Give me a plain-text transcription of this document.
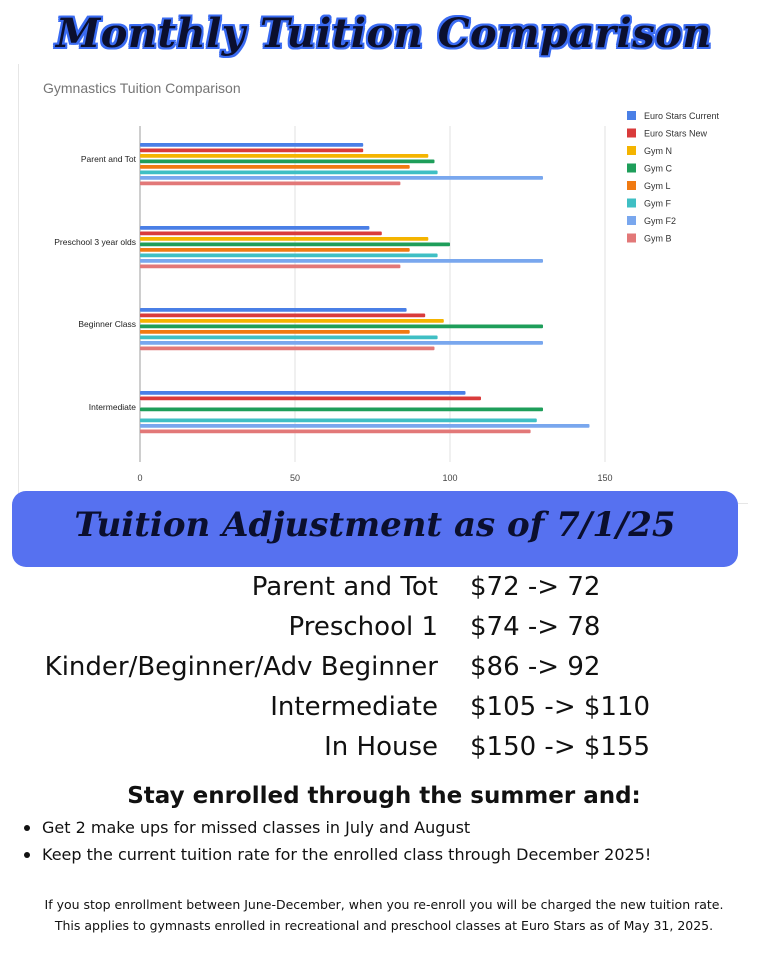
Monthly Tuition Comparison
0	50	100	150
Parent and Tot
Preschool 3 year olds
Beginner Class
Intermediate
Euro Stars Current
Euro Stars New
Gym N
Gym C
Gym L
Gym F
Gym F2
Gym B
Gymnastics Tuition Comparison
Tuition Adjustment as of 7/1/25
Parent and Tot $72 -> 72
Preschool 1 $74 -> 78
Kinder/Beginner/Adv Beginner $86 -> 92
Intermediate $105 -> $110
In House $150 -> $155
Stay enrolled through the summer and:
Get 2 make ups for missed classes in July and August
Keep the current tuition rate for the enrolled class through December 2025!
If you stop enrollment between June-December, when you re-enroll you will be charged the new tuition rate.
This applies to gymnasts enrolled in recreational and preschool classes at Euro Stars as of May 31, 2025.
